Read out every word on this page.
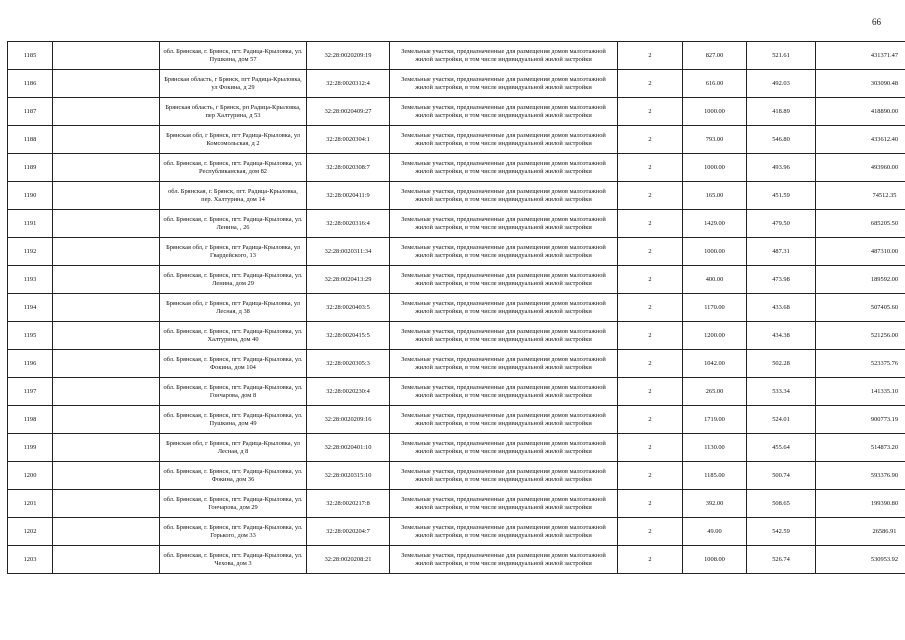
66
1185		обл. Брянская, г. Брянск, пгт. Радица-Крыловка, ул. Пушкина, дом 57	32:28:0020209:19	Земельные участки, предназначенные для размещения домов малоэтажной жилой застройки, в том числе индивидуальной жилой застройки	2	827.00	521.61	431371.47
1186		Брянская область, г Брянск, пгт Радица-Крыловка, ул Фокина, д 29	32:28:0020312:4	Земельные участки, предназначенные для размещения домов малоэтажной жилой застройки, в том числе индивидуальной жилой застройки	2	616.00	492.03	303090.48
1187		Брянская область, г Брянск, рп Радица-Крыловка, пер Халтурина, д 53	32:28:0020409:27	Земельные участки, предназначенные для размещения домов малоэтажной жилой застройки, в том числе индивидуальной жилой застройки	2	1000.00	418.89	418890.00
1188		Брянская обл, г Брянск, пгт Радица-Крыловка, ул Комсомольская, д 2	32:28:0020304:1	Земельные участки, предназначенные для размещения домов малоэтажной жилой застройки, в том числе индивидуальной жилой застройки	2	793.00	546.80	433612.40
1189		обл. Брянская, г. Брянск, пгт. Радица-Крыловка, ул. Республиканская, дом 82	32:28:0020308:7	Земельные участки, предназначенные для размещения домов малоэтажной жилой застройки, в том числе индивидуальной жилой застройки	2	1000.00	493.96	493960.00
1190		обл. Брянская, г. Брянск, пгт. Радица-Крыловка, пер. Халтурина, дом 14	32:28:0020411:9	Земельные участки, предназначенные для размещения домов малоэтажной жилой застройки, в том числе индивидуальной жилой застройки	2	165.00	451.59	74512.35
1191		обл. Брянская, г. Брянск, пгт. Радица-Крыловка, ул. Ленина, , 26	32:28:0020316:4	Земельные участки, предназначенные для размещения домов малоэтажной жилой застройки, в том числе индивидуальной жилой застройки	2	1429.00	479.50	685205.50
1192		Брянская обл, г Брянск, пгт Радица-Крыловка, ул Гвардейского, 13	32:28:0020311:34	Земельные участки, предназначенные для размещения домов малоэтажной жилой застройки, в том числе индивидуальной жилой застройки	2	1000.00	487.31	487310.00
1193		обл. Брянская, г. Брянск, пгт. Радица-Крыловка, ул. Ленина, дом 29	32:28:0020413:29	Земельные участки, предназначенные для размещения домов малоэтажной жилой застройки, в том числе индивидуальной жилой застройки	2	400.00	473.98	189592.00
1194		Брянская обл, г Брянск, пгт Радица-Крыловка, ул Лесная, д 38	32:28:0020403:5	Земельные участки, предназначенные для размещения домов малоэтажной жилой застройки, в том числе индивидуальной жилой застройки	2	1170.00	433.68	507405.60
1195		обл. Брянская, г. Брянск, пгт. Радица-Крыловка, ул. Халтурина, дом 40	32:28:0020415:5	Земельные участки, предназначенные для размещения домов малоэтажной жилой застройки, в том числе индивидуальной жилой застройки	2	1200.00	434.38	521256.00
1196		обл. Брянская, г. Брянск, пгт. Радица-Крыловка, ул. Фокина, дом 104	32:28:0020305:3	Земельные участки, предназначенные для размещения домов малоэтажной жилой застройки, в том числе индивидуальной жилой застройки	2	1042.00	502.28	523375.76
1197		обл. Брянская, г. Брянск, пгт. Радица-Крыловка, ул. Гончарова, дом 8	32:28:0020230:4	Земельные участки, предназначенные для размещения домов малоэтажной жилой застройки, в том числе индивидуальной жилой застройки	2	265.00	533.34	141335.10
1198		обл. Брянская, г. Брянск, пгт. Радица-Крыловка, ул. Пушкина, дом 49	32:28:0020209:16	Земельные участки, предназначенные для размещения домов малоэтажной жилой застройки, в том числе индивидуальной жилой застройки	2	1719.00	524.01	900773.19
1199		Брянская обл, г Брянск, пгт Радица-Крыловка, ул Лесная, д 8	32:28:0020401:10	Земельные участки, предназначенные для размещения домов малоэтажной жилой застройки, в том числе индивидуальной жилой застройки	2	1130.00	455.64	514873.20
1200		обл. Брянская, г. Брянск, пгт. Радица-Крыловка, ул. Фокина, дом 36	32:28:0020315:10	Земельные участки, предназначенные для размещения домов малоэтажной жилой застройки, в том числе индивидуальной жилой застройки	2	1185.00	500.74	593376.90
1201		обл. Брянская, г. Брянск, пгт. Радица-Крыловка, ул. Гончарова, дом 29	32:28:0020217:8	Земельные участки, предназначенные для размещения домов малоэтажной жилой застройки, в том числе индивидуальной жилой застройки	2	392.00	508.65	199390.80
1202		обл. Брянская, г. Брянск, пгт. Радица-Крыловка, ул. Горького, дом 33	32:28:0020204:7	Земельные участки, предназначенные для размещения домов малоэтажной жилой застройки, в том числе индивидуальной жилой застройки	2	49.00	542.59	26586.91
1203		обл. Брянская, г. Брянск, пгт. Радица-Крыловка, ул. Чехова, дом 3	32:28:0020208:21	Земельные участки, предназначенные для размещения домов малоэтажной жилой застройки, в том числе индивидуальной жилой застройки	2	1008.00	526.74	530953.92
